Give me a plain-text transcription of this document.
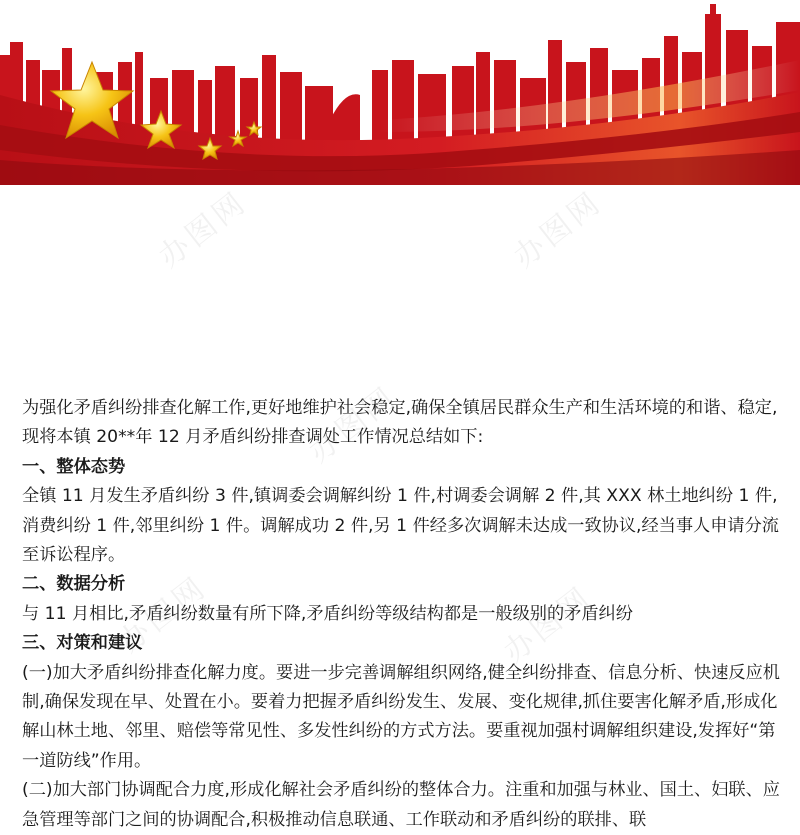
办图网	办图网
办图网
办图网	办图网

为强化矛盾纠纷排查化解工作,更好地维护社会稳定,确保全镇居民群众生产和生活环境的和谐、稳定,现将本镇 20**年 12 月矛盾纠纷排查调处工作情况总结如下:

一、整体态势

全镇 11 月发生矛盾纠纷 3 件,镇调委会调解纠纷 1 件,村调委会调解 2 件,其 XXX 林土地纠纷 1 件,消费纠纷 1 件,邻里纠纷 1 件。调解成功 2 件,另 1 件经多次调解未达成一致协议,经当事人申请分流至诉讼程序。

二、数据分析

与 11 月相比,矛盾纠纷数量有所下降,矛盾纠纷等级结构都是一般级别的矛盾纠纷

三、对策和建议

(一)加大矛盾纠纷排查化解力度。要进一步完善调解组织网络,健全纠纷排查、信息分析、快速反应机制,确保发现在早、处置在小。要着力把握矛盾纠纷发生、发展、变化规律,抓住要害化解矛盾,形成化解山林土地、邻里、赔偿等常见性、多发性纠纷的方式方法。要重视加强村调解组织建设,发挥好“第一道防线”作用。

(二)加大部门协调配合力度,形成化解社会矛盾纠纷的整体合力。注重和加强与林业、国土、妇联、应急管理等部门之间的协调配合,积极推动信息联通、工作联动和矛盾纠纷的联排、联
